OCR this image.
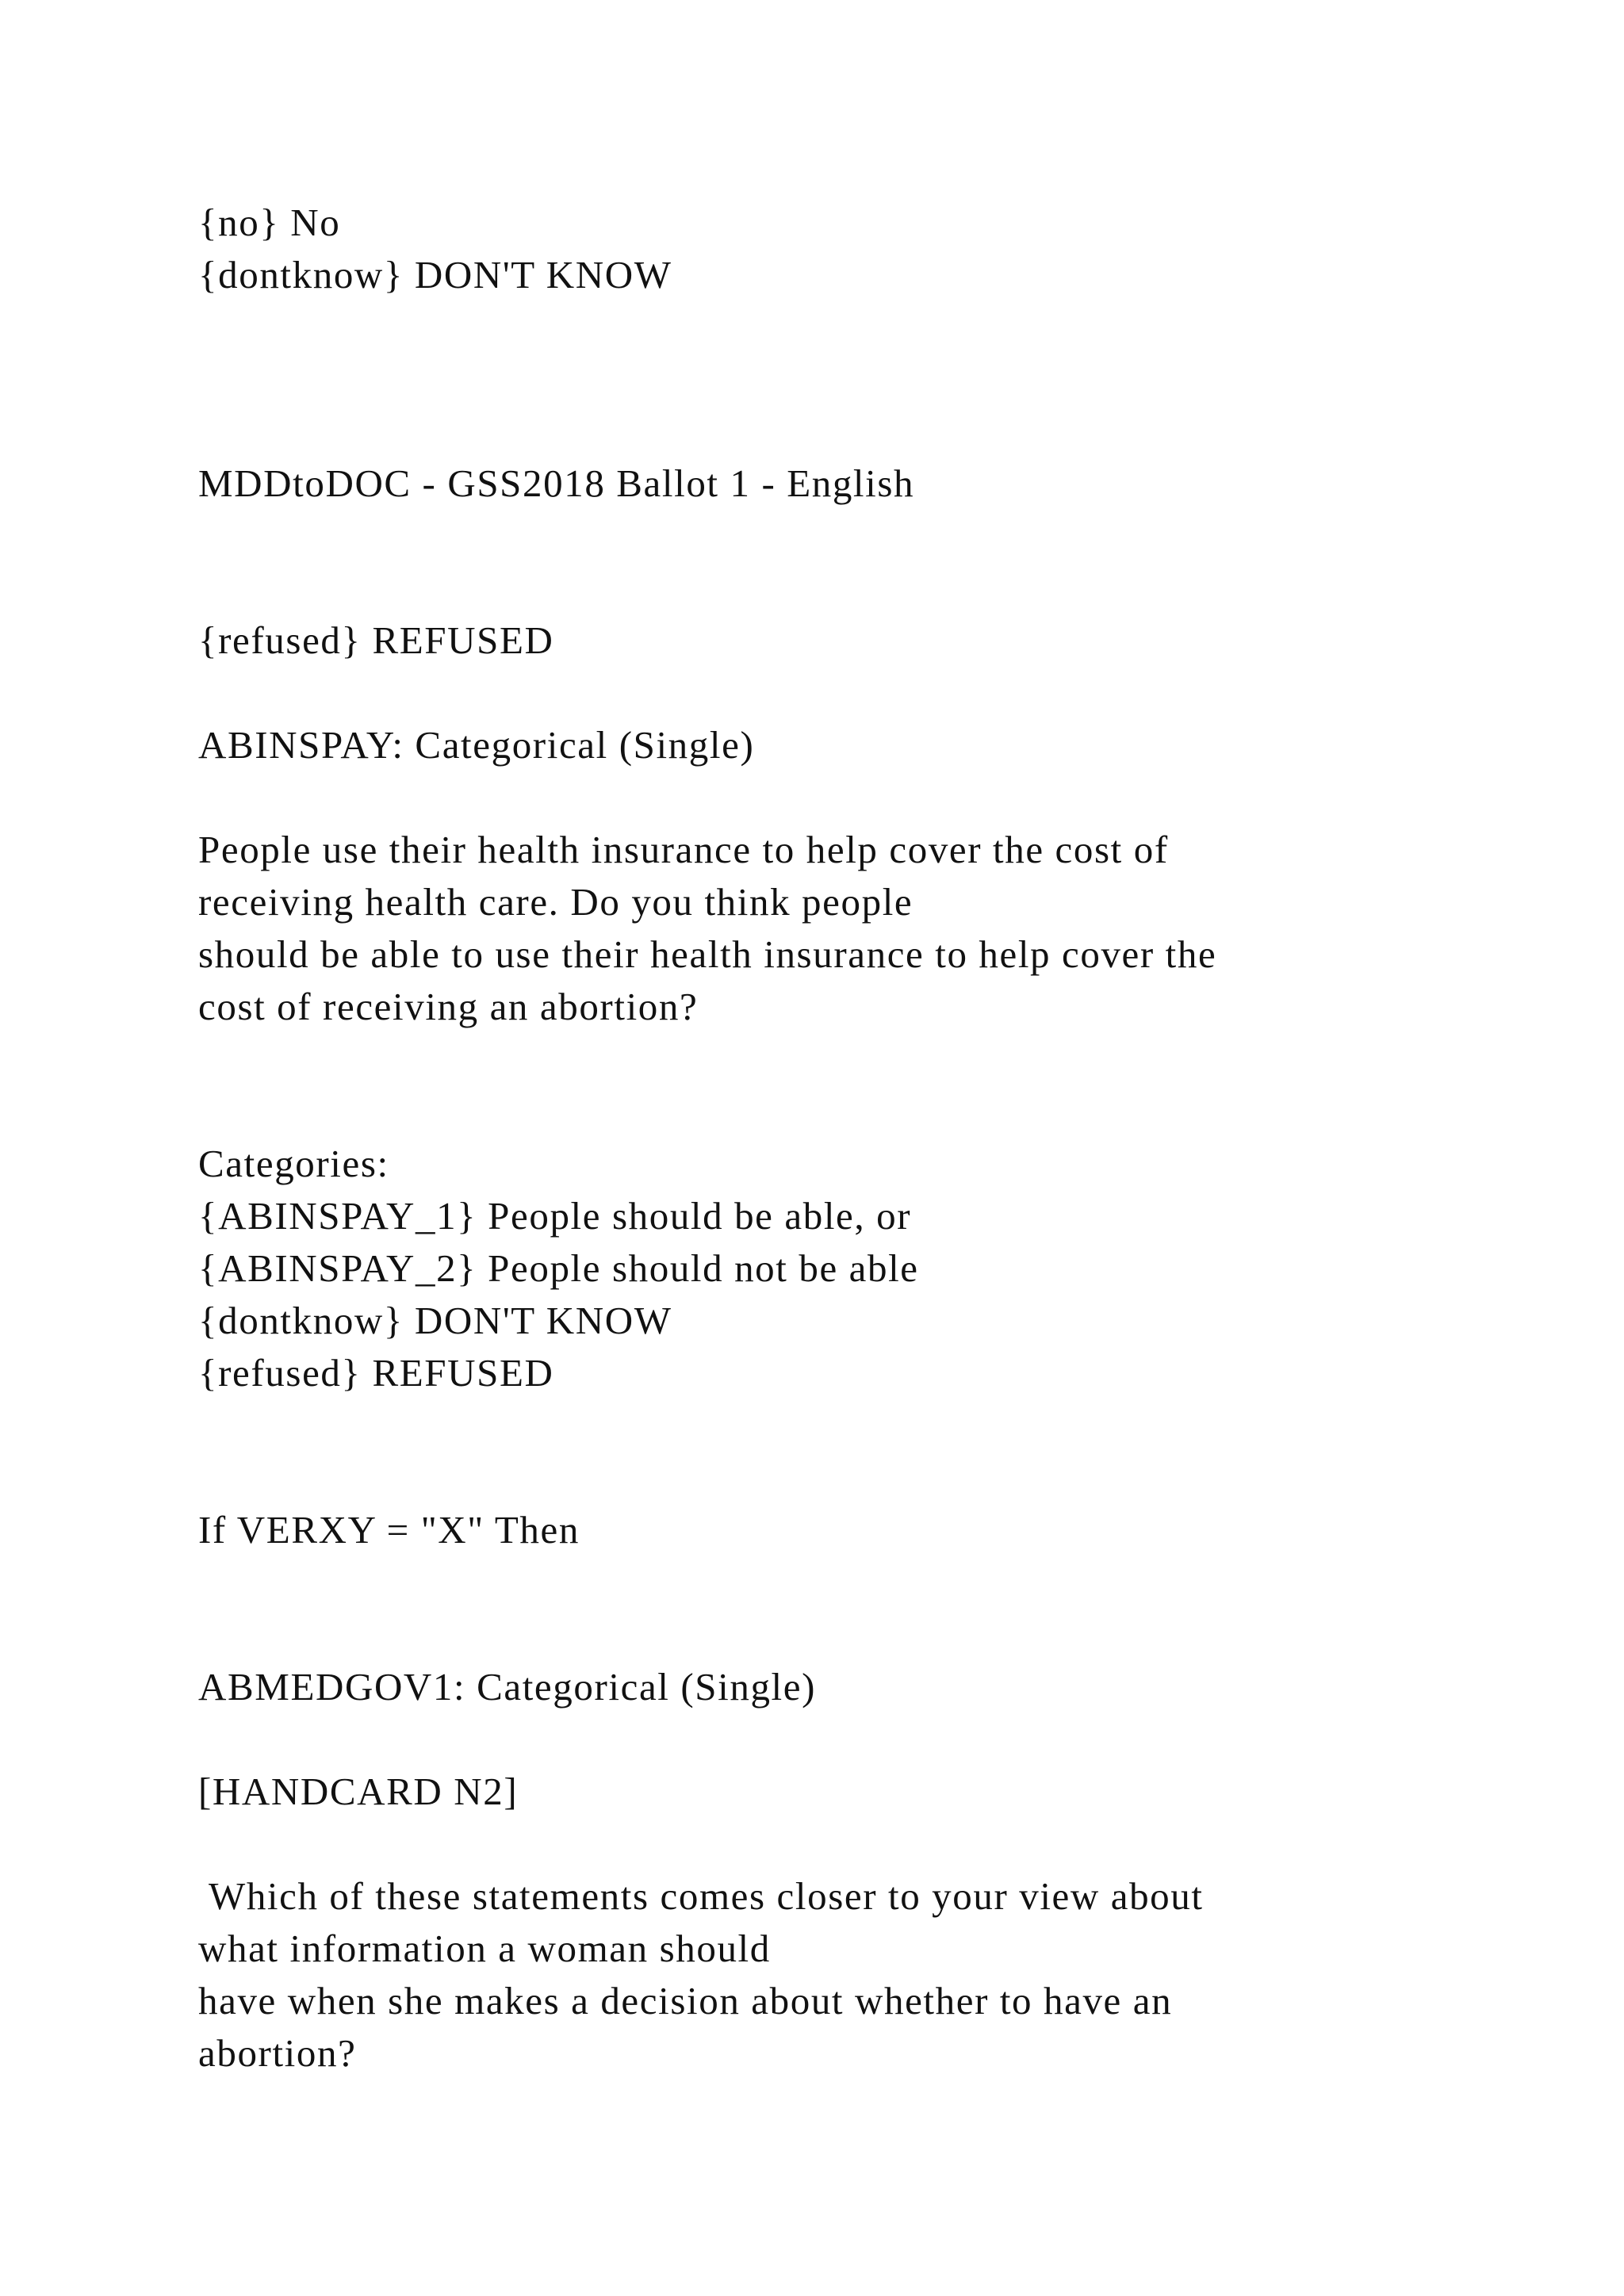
{no} No

{dontknow} DON'T KNOW

MDDtoDOC - GSS2018 Ballot 1 - English

{refused} REFUSED

ABINSPAY: Categorical (Single)

People use their health insurance to help cover the cost of

receiving health care. Do you think people

should be able to use their health insurance to help cover the

cost of receiving an abortion?

Categories:

{ABINSPAY_1} People should be able, or

{ABINSPAY_2} People should not be able

{dontknow} DON'T KNOW

{refused} REFUSED

If VERXY = "X" Then

ABMEDGOV1: Categorical (Single)

[HANDCARD N2]

Which of these statements comes closer to your view about

what information a woman should

have when she makes a decision about whether to have an

abortion?
